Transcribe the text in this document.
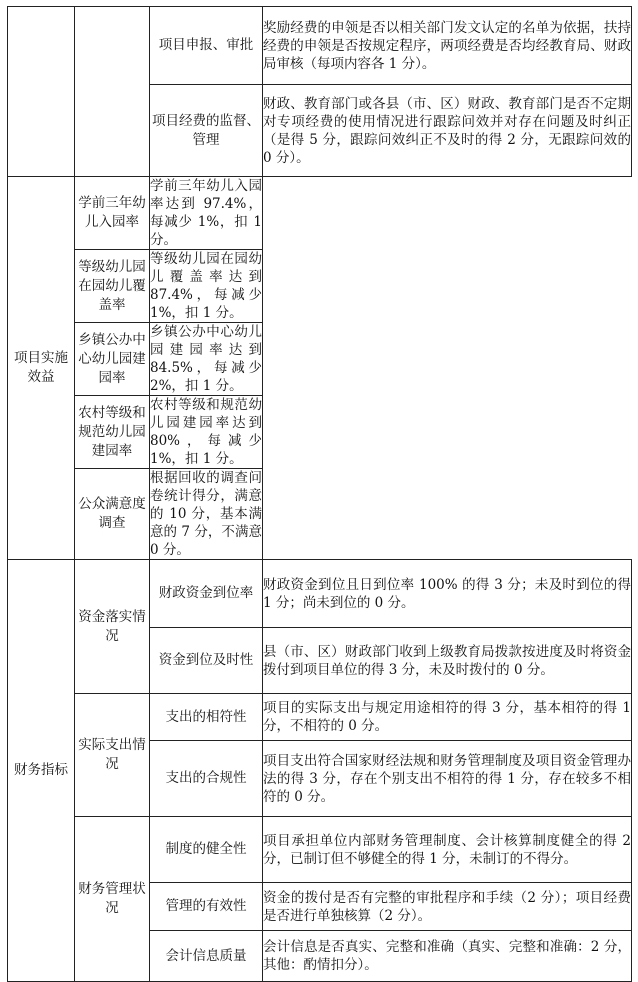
		项目申报、审批	奖励经费的申领是否以相关部门发文认定的名单为依据，扶持经费的申领是否按规定程序，两项经费是否均经教育局、财政局审核（每项内容各 1 分）。
		项目经费的监督、管理	财政、教育部门或各县（市、区）财政、教育部门是否不定期对专项经费的使用情况进行跟踪问效并对存在问题及时纠正（是得 5 分，跟踪问效纠正不及时的得 2 分，无跟踪问效的 0 分）。
项目实施效益	学前三年幼儿入园率	学前三年幼儿入园率达到 97.4%，每减少 1%，扣 1 分。	
	等级幼儿园在园幼儿覆盖率	等级幼儿园在园幼儿覆盖率达到 87.4%，每减少 1%，扣 1 分。	
	乡镇公办中心幼儿园建园率	乡镇公办中心幼儿园建园率达到 84.5%，每减少 2%，扣 1 分。	
	农村等级和规范幼儿园建园率	农村等级和规范幼儿园建园率达到 80%，每减少 1%，扣 1 分。	
	公众满意度调查	根据回收的调查问卷统计得分，满意的 10 分，基本满意的 7 分，不满意 0 分。	
财务指标	资金落实情况	财政资金到位率	财政资金到位且日到位率 100% 的得 3 分；未及时到位的得 1 分；尚未到位的 0 分。
		资金到位及时性	县（市、区）财政部门收到上级教育局拨款按进度及时将资金拨付到项目单位的得 3 分，未及时拨付的 0 分。
	实际支出情况	支出的相符性	项目的实际支出与规定用途相符的得 3 分，基本相符的得 1 分，不相符的 0 分。
		支出的合规性	项目支出符合国家财经法规和财务管理制度及项目资金管理办法的得 3 分，存在个别支出不相符的得 1 分，存在较多不相符的 0 分。
	财务管理状况	制度的健全性	项目承担单位内部财务管理制度、会计核算制度健全的得 2 分，已制订但不够健全的得 1 分，未制订的不得分。
		管理的有效性	资金的拨付是否有完整的审批程序和手续（2 分）；项目经费是否进行单独核算（2 分）。
		会计信息质量	会计信息是否真实、完整和准确（真实、完整和准确：2 分，其他：酌情扣分）。
